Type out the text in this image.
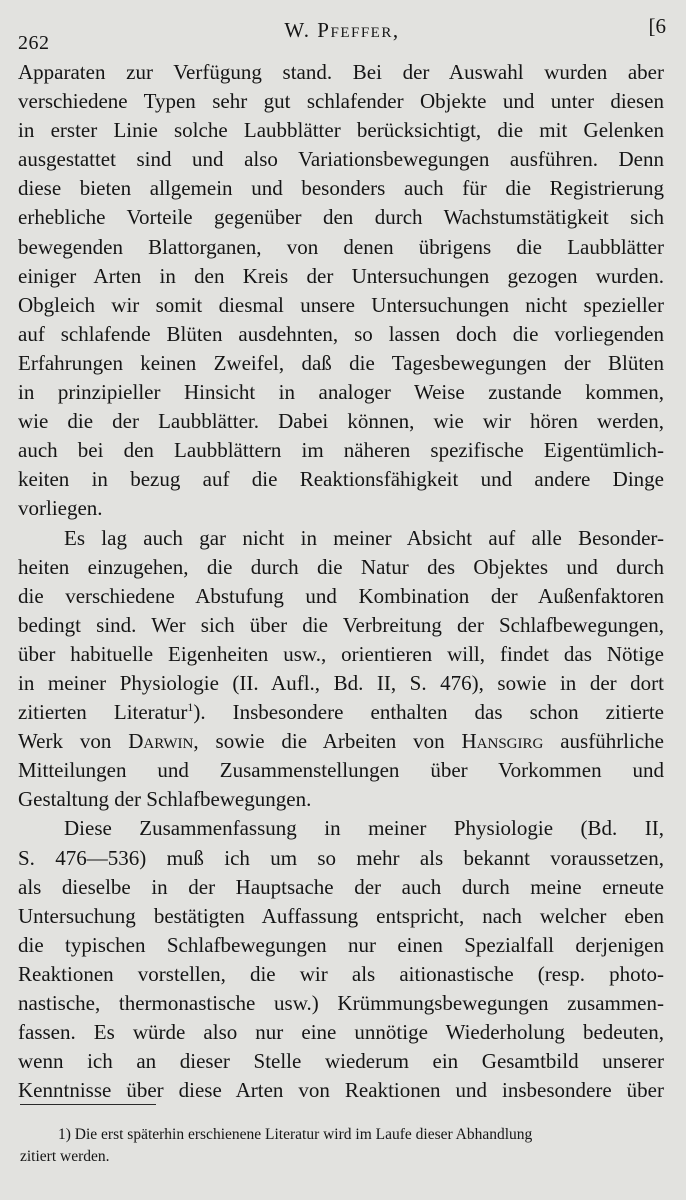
262
W. Pfeffer,	[6

Apparaten zur Verfügung stand. Bei der Auswahl wurden aber
verschiedene Typen sehr gut schlafender Objekte und unter diesen
in erster Linie solche Laubblätter berücksichtigt, die mit Gelenken
ausgestattet sind und also Variationsbewegungen ausführen. Denn
diese bieten allgemein und besonders auch für die Registrierung
erhebliche Vorteile gegenüber den durch Wachstumstätigkeit sich
bewegenden Blattorganen, von denen übrigens die Laubblätter
einiger Arten in den Kreis der Untersuchungen gezogen wurden.
Obgleich wir somit diesmal unsere Untersuchungen nicht spezieller
auf schlafende Blüten ausdehnten, so lassen doch die vorliegenden
Erfahrungen keinen Zweifel, daß die Tagesbewegungen der Blüten
in prinzipieller Hinsicht in analoger Weise zustande kommen,
wie die der Laubblätter. Dabei können, wie wir hören werden,
auch bei den Laubblättern im näheren spezifische Eigentümlich-
keiten in bezug auf die Reaktionsfähigkeit und andere Dinge
vorliegen.

Es lag auch gar nicht in meiner Absicht auf alle Besonder-
heiten einzugehen, die durch die Natur des Objektes und durch
die verschiedene Abstufung und Kombination der Außenfaktoren
bedingt sind. Wer sich über die Verbreitung der Schlafbewegungen,
über habituelle Eigenheiten usw., orientieren will, findet das Nötige
in meiner Physiologie (II. Aufl., Bd. II, S. 476), sowie in der dort
zitierten Literatur$^1$). Insbesondere enthalten das schon zitierte
Werk von Darwin, sowie die Arbeiten von Hansgirg ausführliche
Mitteilungen und Zusammenstellungen über Vorkommen und
Gestaltung der Schlafbewegungen.

Diese Zusammenfassung in meiner Physiologie (Bd. II,
S. 476—536) muß ich um so mehr als bekannt voraussetzen,
als dieselbe in der Hauptsache der auch durch meine erneute
Untersuchung bestätigten Auffassung entspricht, nach welcher eben
die typischen Schlafbewegungen nur einen Spezialfall derjenigen
Reaktionen vorstellen, die wir als aitionastische (resp. photo-
nastische, thermonastische usw.) Krümmungsbewegungen zusammen-
fassen. Es würde also nur eine unnötige Wiederholung bedeuten,
wenn ich an dieser Stelle wiederum ein Gesamtbild unserer
Kenntnisse über diese Arten von Reaktionen und insbesondere über

1) Die erst späterhin erschienene Literatur wird im Laufe dieser Abhandlung
zitiert werden.
